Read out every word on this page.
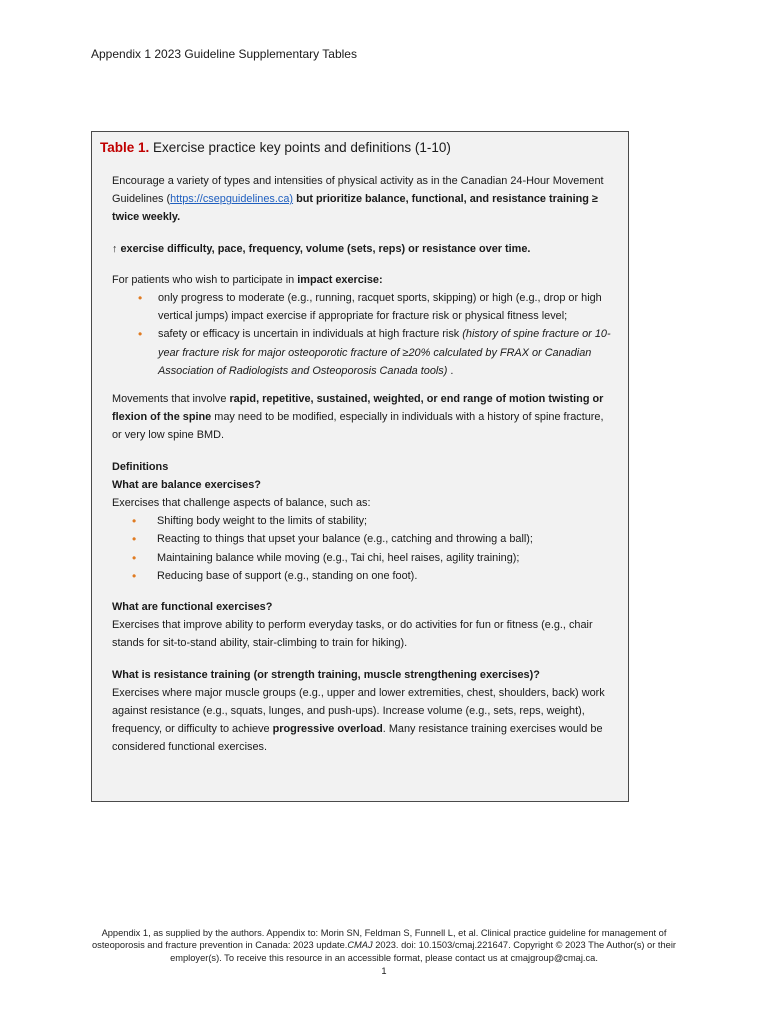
Appendix 1 2023 Guideline Supplementary Tables
Table 1. Exercise practice key points and definitions (1-10)

Encourage a variety of types and intensities of physical activity as in the Canadian 24-Hour Movement Guidelines (https://csepguidelines.ca) but prioritize balance, functional, and resistance training ≥ twice weekly.

↑ exercise difficulty, pace, frequency, volume (sets, reps) or resistance over time.

For patients who wish to participate in impact exercise:

• only progress to moderate (e.g., running, racquet sports, skipping) or high (e.g., drop or high vertical jumps) impact exercise if appropriate for fracture risk or physical fitness level;
• safety or efficacy is uncertain in individuals at high fracture risk (history of spine fracture or 10-year fracture risk for major osteoporotic fracture of ≥20% calculated by FRAX or Canadian Association of Radiologists and Osteoporosis Canada tools) .

Movements that involve rapid, repetitive, sustained, weighted, or end range of motion twisting or flexion of the spine may need to be modified, especially in individuals with a history of spine fracture, or very low spine BMD.

Definitions

What are balance exercises?

Exercises that challenge aspects of balance, such as:

• Shifting body weight to the limits of stability;
• Reacting to things that upset your balance (e.g., catching and throwing a ball);
• Maintaining balance while moving (e.g., Tai chi, heel raises, agility training);
• Reducing base of support (e.g., standing on one foot).

What are functional exercises?

Exercises that improve ability to perform everyday tasks, or do activities for fun or fitness (e.g., chair stands for sit-to-stand ability, stair-climbing to train for hiking).

What is resistance training (or strength training, muscle strengthening exercises)?

Exercises where major muscle groups (e.g., upper and lower extremities, chest, shoulders, back) work against resistance (e.g., squats, lunges, and push-ups). Increase volume (e.g., sets, reps, weight), frequency, or difficulty to achieve progressive overload. Many resistance training exercises would be considered functional exercises.

Appendix 1, as supplied by the authors. Appendix to: Morin SN, Feldman S, Funnell L, et al. Clinical practice guideline for management of
osteoporosis and fracture prevention in Canada: 2023 update.CMAJ 2023. doi: 10.1503/cmaj.221647. Copyright © 2023 The Author(s) or their
employer(s). To receive this resource in an accessible format, please contact us at cmajgroup@cmaj.ca.
1
